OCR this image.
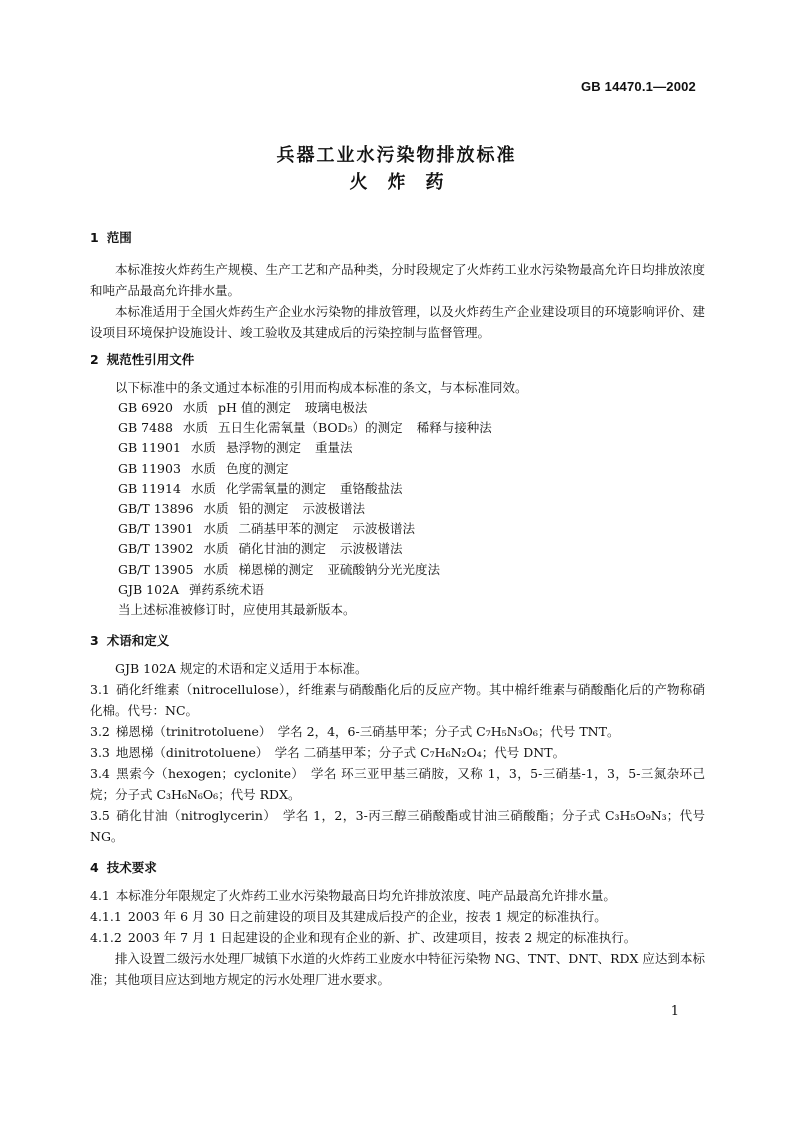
GB 14470.1—2002
兵器工业水污染物排放标准
火炸药

1 范围

本标准按火炸药生产规模、生产工艺和产品种类，分时段规定了火炸药工业水污染物最高允许日均排放浓度和吨产品最高允许排水量。

本标准适用于全国火炸药生产企业水污染物的排放管理，以及火炸药生产企业建设项目的环境影响评价、建设项目环境保护设施设计、竣工验收及其建成后的污染控制与监督管理。

2 规范性引用文件

以下标准中的条文通过本标准的引用而构成本标准的条文，与本标准同效。

GB 6920 水质 pH 值的测定 玻璃电极法
GB 7488 水质 五日生化需氧量（BOD₅）的测定 稀释与接种法
GB 11901 水质 悬浮物的测定 重量法
GB 11903 水质 色度的测定
GB 11914 水质 化学需氧量的测定 重铬酸盐法
GB/T 13896 水质 铅的测定 示波极谱法
GB/T 13901 水质 二硝基甲苯的测定 示波极谱法
GB/T 13902 水质 硝化甘油的测定 示波极谱法
GB/T 13905 水质 梯恩梯的测定 亚硫酸钠分光光度法
GJB 102A 弹药系统术语
当上述标准被修订时，应使用其最新版本。

3 术语和定义

GJB 102A 规定的术语和定义适用于本标准。

3.1 硝化纤维素（nitrocellulose），纤维素与硝酸酯化后的反应产物。其中棉纤维素与硝酸酯化后的产物称硝化棉。代号：NC。

3.2 梯恩梯（trinitrotoluene）　学名 2，4，6-三硝基甲苯；分子式 C₇H₅N₃O₆；代号 TNT。

3.3 地恩梯（dinitrotoluene）　学名 二硝基甲苯；分子式 C₇H₆N₂O₄；代号 DNT。

3.4 黑索今（hexogen；cyclonite）　学名 环三亚甲基三硝胺，又称 1，3，5-三硝基-1，3，5-三氮杂环己烷；分子式 C₃H₆N₆O₆；代号 RDX。

3.5 硝化甘油（nitroglycerin）　学名 1，2，3-丙三醇三硝酸酯或甘油三硝酸酯；分子式 C₃H₅O₉N₃；代号 NG。

4 技术要求

4.1 本标准分年限规定了火炸药工业水污染物最高日均允许排放浓度、吨产品最高允许排水量。

4.1.1 2003 年 6 月 30 日之前建设的项目及其建成后投产的企业，按表 1 规定的标准执行。

4.1.2 2003 年 7 月 1 日起建设的企业和现有企业的新、扩、改建项目，按表 2 规定的标准执行。

排入设置二级污水处理厂城镇下水道的火炸药工业废水中特征污染物 NG、TNT、DNT、RDX 应达到本标准；其他项目应达到地方规定的污水处理厂进水要求。

1
